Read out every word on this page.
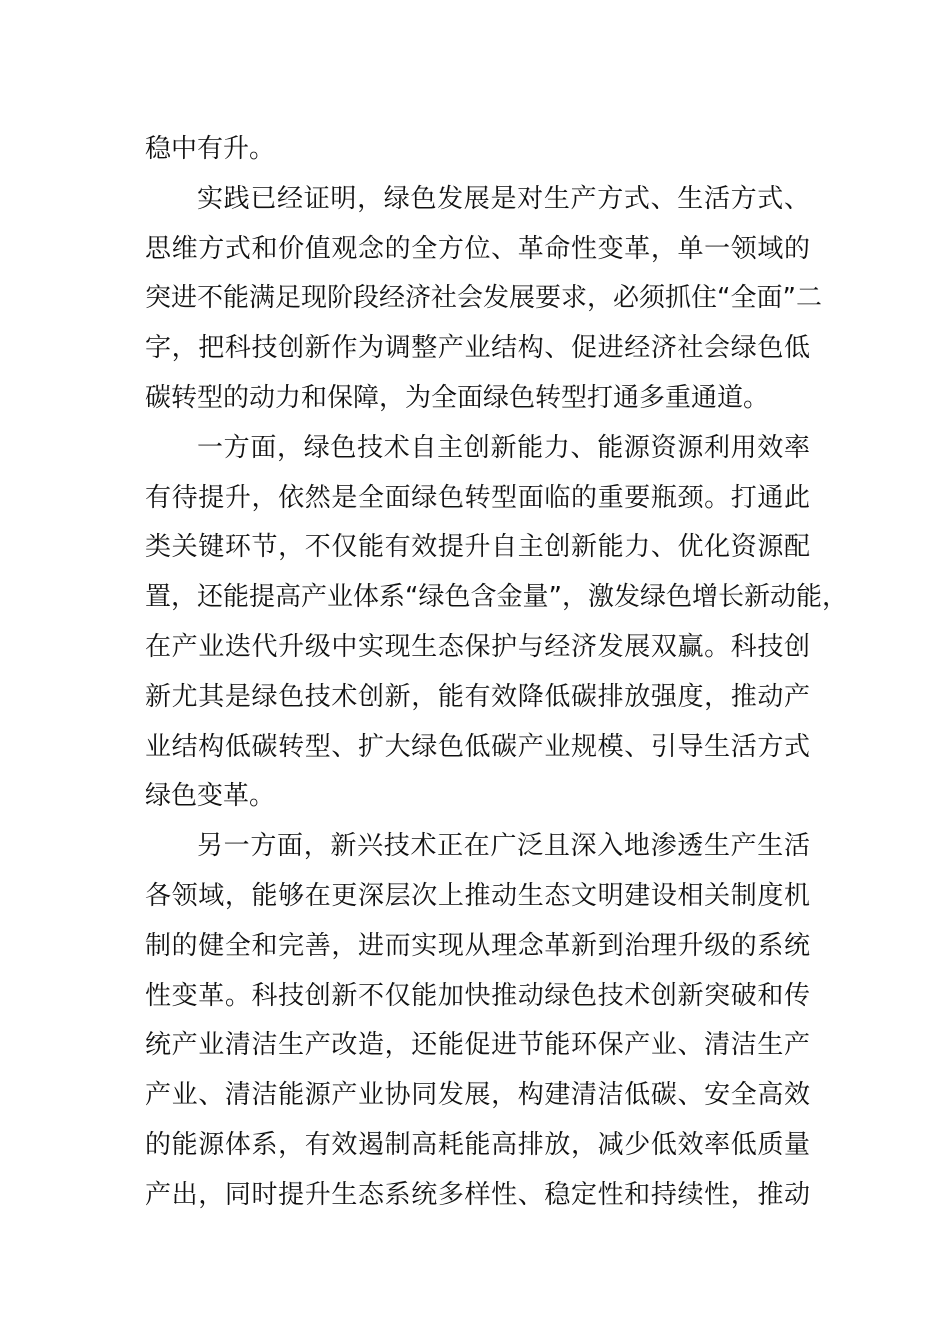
稳中有升。
实践已经证明，绿色发展是对生产方式、生活方式、
思维方式和价值观念的全方位、革命性变革，单一领域的
突进不能满足现阶段经济社会发展要求，必须抓住“全面”二
字，把科技创新作为调整产业结构、促进经济社会绿色低
碳转型的动力和保障，为全面绿色转型打通多重通道。
一方面，绿色技术自主创新能力、能源资源利用效率
有待提升，依然是全面绿色转型面临的重要瓶颈。打通此
类关键环节，不仅能有效提升自主创新能力、优化资源配
置，还能提高产业体系“绿色含金量”，激发绿色增长新动能，
在产业迭代升级中实现生态保护与经济发展双赢。科技创
新尤其是绿色技术创新，能有效降低碳排放强度，推动产
业结构低碳转型、扩大绿色低碳产业规模、引导生活方式
绿色变革。
另一方面，新兴技术正在广泛且深入地渗透生产生活
各领域，能够在更深层次上推动生态文明建设相关制度机
制的健全和完善，进而实现从理念革新到治理升级的系统
性变革。科技创新不仅能加快推动绿色技术创新突破和传
统产业清洁生产改造，还能促进节能环保产业、清洁生产
产业、清洁能源产业协同发展，构建清洁低碳、安全高效
的能源体系，有效遏制高耗能高排放，减少低效率低质量
产出，同时提升生态系统多样性、稳定性和持续性，推动
